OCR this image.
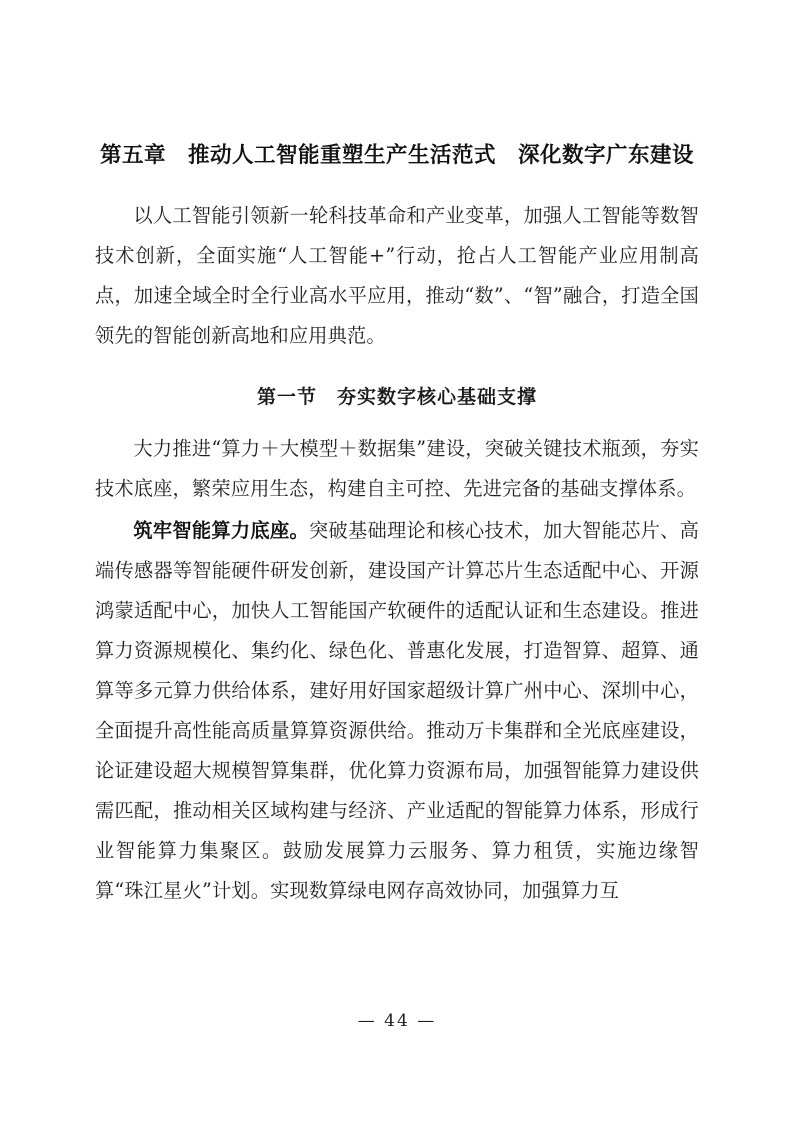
第五章　推动人工智能重塑生产生活范式　深化数字广东建设

以人工智能引领新一轮科技革命和产业变革，加强人工智能等数智技术创新，全面实施“人工智能+”行动，抢占人工智能产业应用制高点，加速全域全时全行业高水平应用，推动“数”、“智”融合，打造全国领先的智能创新高地和应用典范。

第一节　夯实数字核心基础支撑

大力推进“算力＋大模型＋数据集”建设，突破关键技术瓶颈，夯实技术底座，繁荣应用生态，构建自主可控、先进完备的基础支撑体系。

筑牢智能算力底座。突破基础理论和核心技术，加大智能芯片、高端传感器等智能硬件研发创新，建设国产计算芯片生态适配中心、开源鸿蒙适配中心，加快人工智能国产软硬件的适配认证和生态建设。推进算力资源规模化、集约化、绿色化、普惠化发展，打造智算、超算、通算等多元算力供给体系，建好用好国家超级计算广州中心、深圳中心，全面提升高性能高质量算算资源供给。推动万卡集群和全光底座建设，论证建设超大规模智算集群，优化算力资源布局，加强智能算力建设供需匹配，推动相关区域构建与经济、产业适配的智能算力体系，形成行业智能算力集聚区。鼓励发展算力云服务、算力租赁，实施边缘智算“珠江星火”计划。实现数算绿电网存高效协同，加强算力互

— 44 —
